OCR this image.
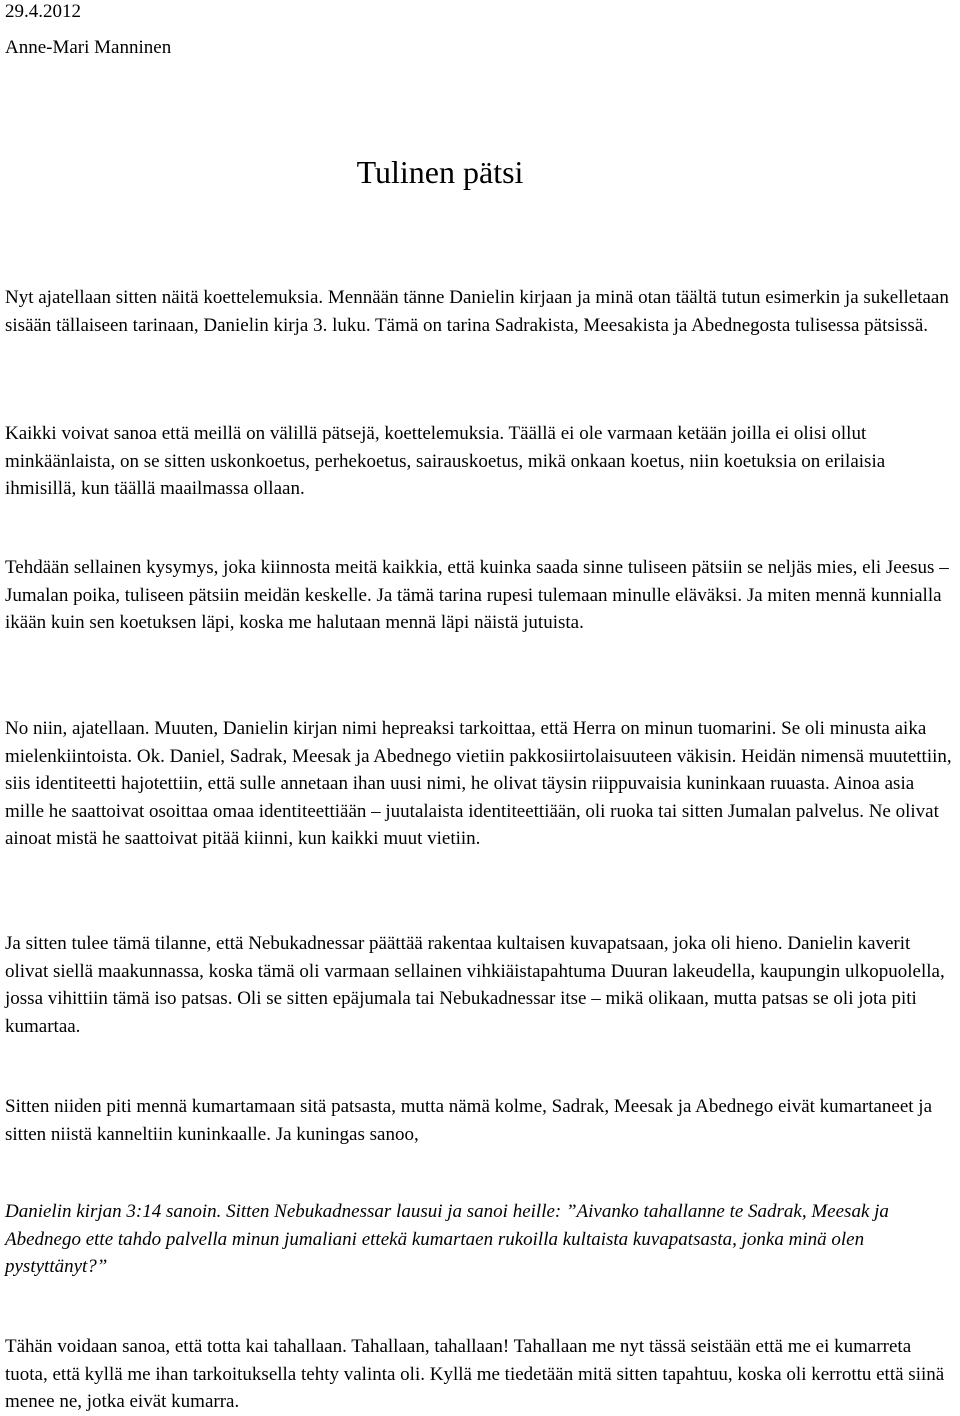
29.4.2012
Anne-Mari Manninen
Tulinen pätsi

Nyt ajatellaan sitten näitä koettelemuksia. Mennään tänne Danielin kirjaan ja minä otan täältä tutun esimerkin ja sukelletaan sisään tällaiseen tarinaan, Danielin kirja 3. luku. Tämä on tarina Sadrakista, Meesakista ja Abednegosta tulisessa pätsissä.

Kaikki voivat sanoa että meillä on välillä pätsejä, koettelemuksia. Täällä ei ole varmaan ketään joilla ei olisi ollut minkäänlaista, on se sitten uskonkoetus, perhekoetus, sairauskoetus, mikä onkaan koetus, niin koetuksia on erilaisia ihmisillä, kun täällä maailmassa ollaan.

Tehdään sellainen kysymys, joka kiinnosta meitä kaikkia, että kuinka saada sinne tuliseen pätsiin se neljäs mies, eli Jeesus – Jumalan poika, tuliseen pätsiin meidän keskelle. Ja tämä tarina rupesi tulemaan minulle eläväksi. Ja miten mennä kunnialla ikään kuin sen koetuksen läpi, koska me halutaan mennä läpi näistä jutuista.

No niin, ajatellaan. Muuten, Danielin kirjan nimi hepreaksi tarkoittaa, että Herra on minun tuomarini. Se oli minusta aika mielenkiintoista. Ok. Daniel, Sadrak, Meesak ja Abednego vietiin pakkosiirtolaisuuteen väkisin. Heidän nimensä muutettiin, siis identiteetti hajotettiin, että sulle annetaan ihan uusi nimi, he olivat täysin riippuvaisia kuninkaan ruuasta. Ainoa asia mille he saattoivat osoittaa omaa identiteettiään – juutalaista identiteettiään, oli ruoka tai sitten Jumalan palvelus. Ne olivat ainoat mistä he saattoivat pitää kiinni, kun kaikki muut vietiin.

Ja sitten tulee tämä tilanne, että Nebukadnessar päättää rakentaa kultaisen kuvapatsaan, joka oli hieno. Danielin kaverit olivat siellä maakunnassa, koska tämä oli varmaan sellainen vihkiäistapahtuma Duuran lakeudella, kaupungin ulkopuolella, jossa vihittiin tämä iso patsas. Oli se sitten epäjumala tai Nebukadnessar itse – mikä olikaan, mutta patsas se oli jota piti kumartaa.

Sitten niiden piti mennä kumartamaan sitä patsasta, mutta nämä kolme, Sadrak, Meesak ja Abednego eivät kumartaneet ja sitten niistä kanneltiin kuninkaalle. Ja kuningas sanoo,

Danielin kirjan 3:14 sanoin. Sitten Nebukadnessar lausui ja sanoi heille: ”Aivanko tahallanne te Sadrak, Meesak ja Abednego ette tahdo palvella minun jumaliani ettekä kumartaen rukoilla kultaista kuvapatsasta, jonka minä olen pystyttänyt?”

Tähän voidaan sanoa, että totta kai tahallaan. Tahallaan, tahallaan! Tahallaan me nyt tässä seistään että me ei kumarreta tuota, että kyllä me ihan tarkoituksella tehty valinta oli. Kyllä me tiedetään mitä sitten tapahtuu, koska oli kerrottu että siinä menee ne, jotka eivät kumarra.
